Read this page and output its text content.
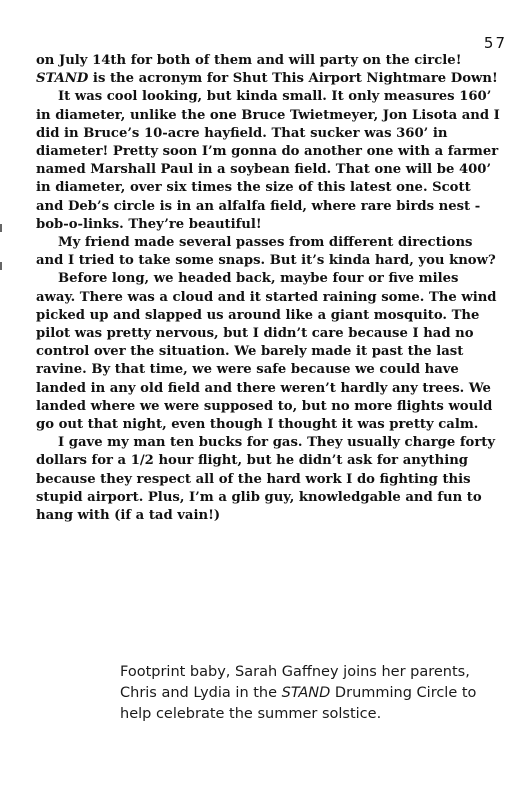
57

on July 14th for both of them and will party on the circle! STAND is the acronym for Shut This Airport Nightmare Down!

It was cool looking, but kinda small. It only measures 160’ in diameter, unlike the one Bruce Twietmeyer, Jon Lisota and I did in Bruce’s 10-acre hayfield. That sucker was 360’ in diameter! Pretty soon I’m gonna do another one with a farmer named Marshall Paul in a soybean field. That one will be 400’ in diameter, over six times the size of this latest one. Scott and Deb’s circle is in an alfalfa field, where rare birds nest - bob-o-links. They’re beautiful!

My friend made several passes from different directions and I tried to take some snaps. But it’s kinda hard, you know?

Before long, we headed back, maybe four or five miles away. There was a cloud and it started raining some. The wind picked up and slapped us around like a giant mosquito. The pilot was pretty nervous, but I didn’t care because I had no control over the situation. We barely made it past the last ravine. By that time, we were safe because we could have landed in any old field and there weren’t hardly any trees. We landed where we were supposed to, but no more flights would go out that night, even though I thought it was pretty calm.

I gave my man ten bucks for gas. They usually charge forty dollars for a 1/2 hour flight, but he didn’t ask for anything because they respect all of the hard work I do fighting this stupid airport. Plus, I’m a glib guy, knowledgable and fun to hang with (if a tad vain!)

Footprint baby, Sarah Gaffney joins her parents, Chris and Lydia in the STAND Drumming Circle to help celebrate the summer solstice.
